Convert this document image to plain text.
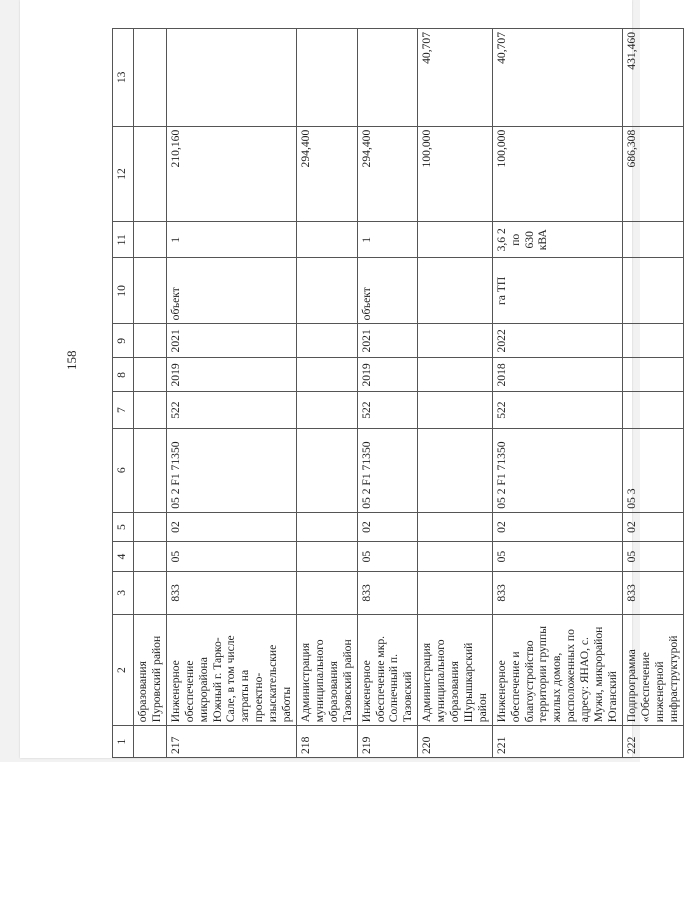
158
1	2	3	4	5	6	7	8	9	10	11	12	13
	образования Пуровский район											
217	Инженерное обеспечение микрорайона Южный г. Тарко-Сале, в том числе затраты на проектно-изыскательские работы	833	05	02	05 2 F1 71350	522	2019	2021	объект	1	210,160	
218	Администрация муниципального образования Тазовский район										294,400	
219	Инженерное обеспечение мкр. Солнечный п. Тазовский	833	05	02	05 2 F1 71350	522	2019	2021	объект	1	294,400	
220	Администрация муниципального образования Шурышкарский район										100,000	40,707
221	Инженерное обеспечение и благоустройство территории группы жилых домов, расположенных по адресу: ЯНАО, с. Мужи, микрорайон Юганский	833	05	02	05 2 F1 71350	522	2018	2022	га ТП	3,6 2 по 630 кВА	100,000	40,707
222	Подпрограмма «Обеспечение инженерной инфраструктурой	833	05	02	05 3						686,308	431,460
